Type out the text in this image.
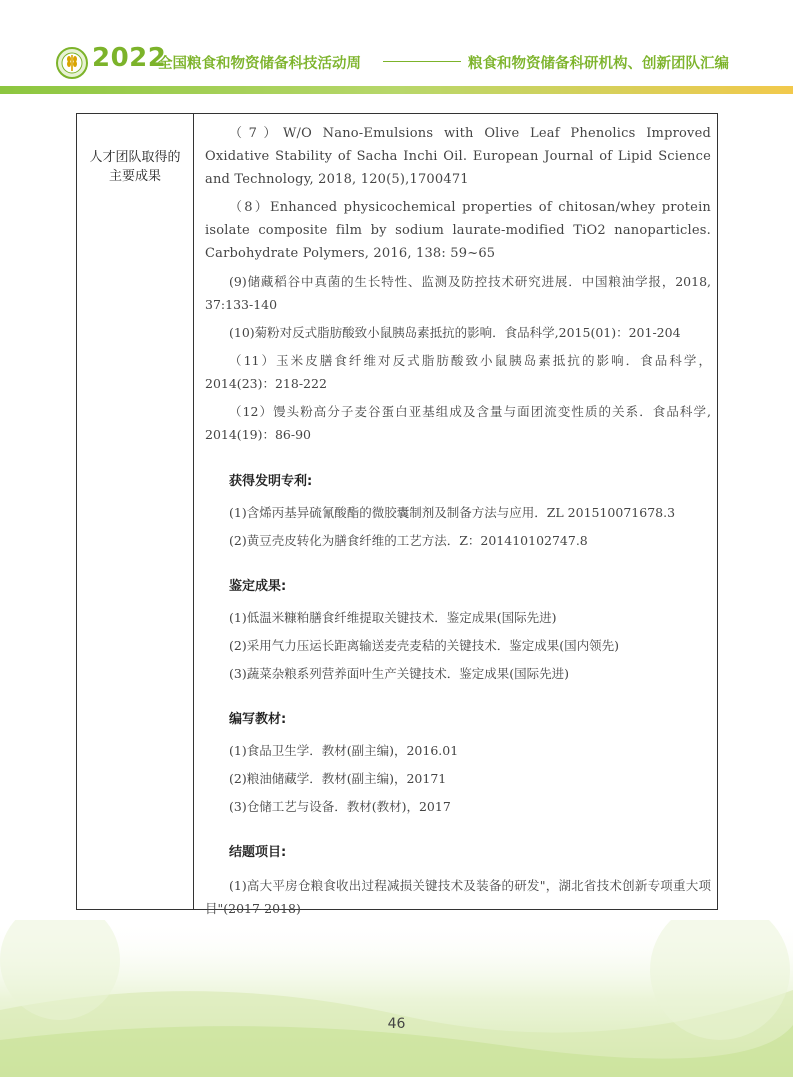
2022
全国粮食和物资储备科技活动周	粮食和物资储备科研机构、创新团队汇编
人才团队取得的
主要成果

（7）W/O Nano-Emulsions with Olive Leaf Phenolics Improved Oxidative Stability of Sacha Inchi Oil. European Journal of Lipid Science and Technology, 2018, 120(5),1700471

（8）Enhanced physicochemical properties of chitosan/whey protein isolate composite film by sodium laurate-modified TiO2 nanoparticles. Carbohydrate Polymers, 2016, 138: 59~65

(9)储藏稻谷中真菌的生长特性、监测及防控技术研究进展．中国粮油学报，2018, 37:133-140

(10)菊粉对反式脂肪酸致小鼠胰岛素抵抗的影响．食品科学,2015(01)：201-204

（11）玉米皮膳食纤维对反式脂肪酸致小鼠胰岛素抵抗的影响．食品科学，2014(23)：218-222

（12）馒头粉高分子麦谷蛋白亚基组成及含量与面团流变性质的关系．食品科学, 2014(19)：86-90

获得发明专利:
(1)含烯丙基异硫氰酸酯的微胶囊制剂及制备方法与应用．ZL 201510071678.3
(2)黄豆壳皮转化为膳食纤维的工艺方法．Z：201410102747.8
鉴定成果:
(1)低温米糠粕膳食纤维提取关键技术．鉴定成果(国际先进)
(2)采用气力压运长距离输送麦壳麦秸的关键技术．鉴定成果(国内领先)
(3)蔬菜杂粮系列营养面叶生产关键技术．鉴定成果(国际先进)
编写教材:
(1)食品卫生学．教材(副主编)，2016.01
(2)粮油储藏学．教材(副主编)，20171
(3)仓储工艺与设备．教材(教材)，2017
结题项目:

(1)高大平房仓粮食收出过程减损关键技术及装备的研发"，湖北省技术创新专项重大项目"(2017-2018)

46
